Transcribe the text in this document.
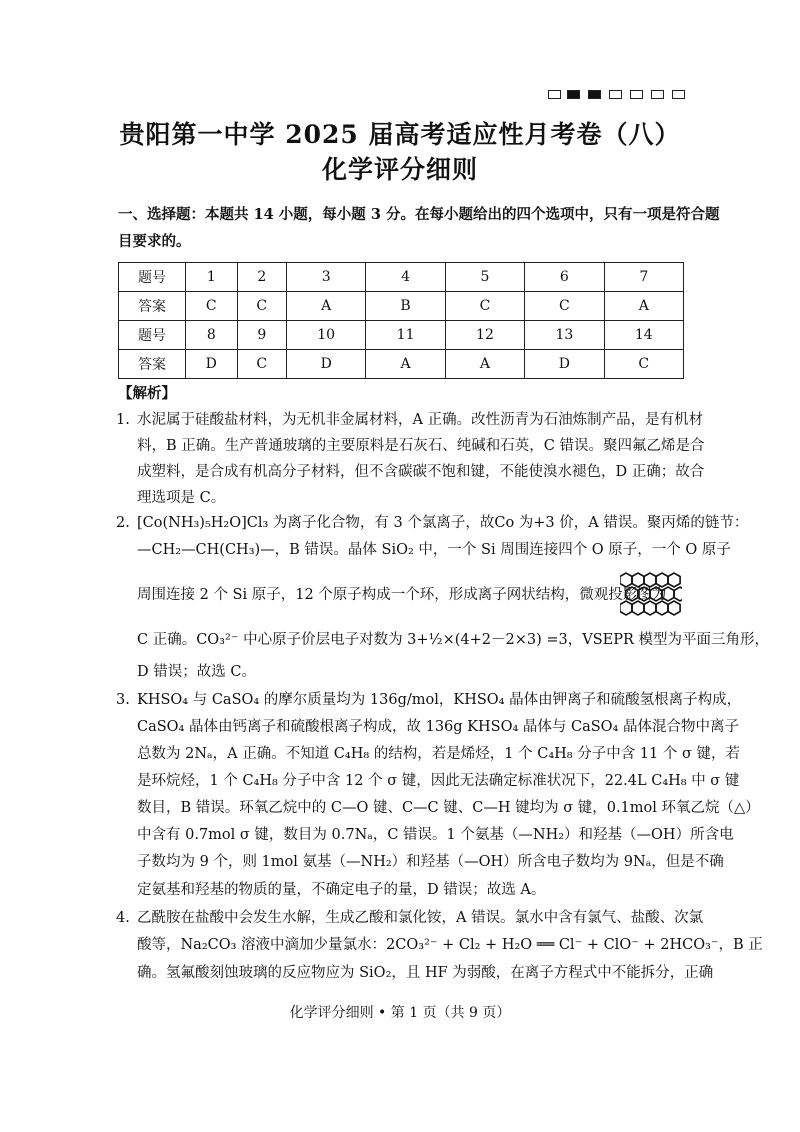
贵阳第一中学 2025 届高考适应性月考卷（八）
化学评分细则
一、选择题：本题共 14 小题，每小题 3 分。在每小题给出的四个选项中，只有一项是符合题
目要求的。
题号	1	2	3	4	5	6	7
答案	C	C	A	B	C	C	A
题号	8	9	10	11	12	13	14
答案	D	C	D	A	A	D	C
【解析】
1. 水泥属于硅酸盐材料，为无机非金属材料，A 正确。改性沥青为石油炼制产品，是有机材
料，B 正确。生产普通玻璃的主要原料是石灰石、纯碱和石英，C 错误。聚四氟乙烯是合
成塑料，是合成有机高分子材料，但不含碳碳不饱和键，不能使溴水褪色，D 正确；故合
理选项是 C。
2. [Co(NH₃)₅H₂O]Cl₃ 为离子化合物，有 3 个氯离子，故Co 为+3 价，A 错误。聚丙烯的链节：
—CH₂—CH(CH₃)—，B 错误。晶体 SiO₂ 中，一个 Si 周围连接四个 O 原子，一个 O 原子
周围连接 2 个 Si 原子，12 个原子构成一个环，形成离子网状结构，微观投影图为
C 正确。CO₃²⁻ 中心原子价层电子对数为 3+½×(4+2－2×3) =3，VSEPR 模型为平面三角形，
D 错误；故选 C。
3. KHSO₄ 与 CaSO₄ 的摩尔质量均为 136g/mol，KHSO₄ 晶体由钾离子和硫酸氢根离子构成，
CaSO₄ 晶体由钙离子和硫酸根离子构成，故 136g KHSO₄ 晶体与 CaSO₄ 晶体混合物中离子
总数为 2Nₐ，A 正确。不知道 C₄H₈ 的结构，若是烯烃，1 个 C₄H₈ 分子中含 11 个 σ 键，若
是环烷烃，1 个 C₄H₈ 分子中含 12 个 σ 键，因此无法确定标准状况下，22.4L C₄H₈ 中 σ 键
数目，B 错误。环氧乙烷中的 C—O 键、C—C 键、C—H 键均为 σ 键，0.1mol 环氧乙烷（△）
中含有 0.7mol σ 键，数目为 0.7Nₐ，C 错误。1 个氨基（—NH₂）和羟基（—OH）所含电
子数均为 9 个，则 1mol 氨基（—NH₂）和羟基（—OH）所含电子数均为 9Nₐ，但是不确
定氨基和羟基的物质的量，不确定电子的量，D 错误；故选 A。
4. 乙酰胺在盐酸中会发生水解，生成乙酸和氯化铵，A 错误。氯水中含有氯气、盐酸、次氯
酸等，Na₂CO₃ 溶液中滴加少量氯水：2CO₃²⁻ + Cl₂ + H₂O ══ Cl⁻ + ClO⁻ + 2HCO₃⁻，B 正
确。氢氟酸刻蚀玻璃的反应物应为 SiO₂，且 HF 为弱酸，在离子方程式中不能拆分，正确
化学评分细则 • 第 1 页（共 9 页）
